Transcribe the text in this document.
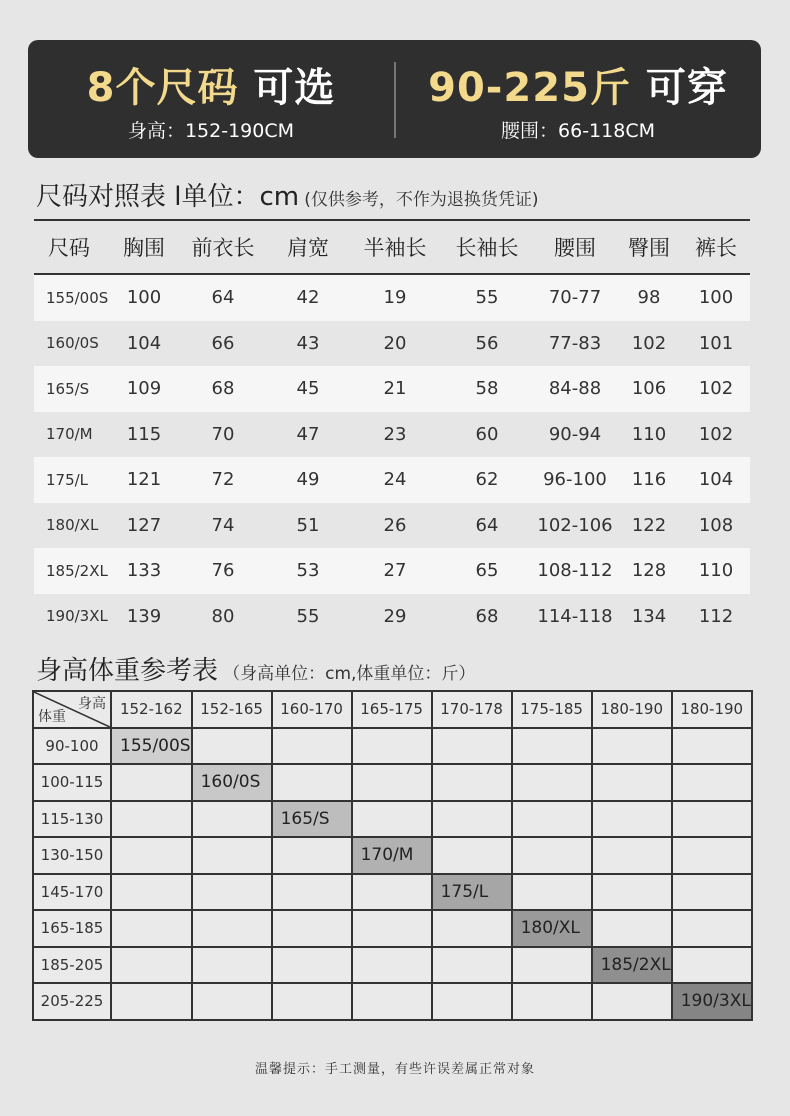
8个尺码 可选
身高：152-190CM
90-225斤 可穿
腰围：66-118CM
尺码对照表 l单位：cm (仅供参考，不作为退换货凭证)
尺码	胸围	前衣长	肩宽	半袖长	长袖长	腰围	臀围	裤长
155/00S	100	64	42	19	55	70-77	98	100
160/0S	104	66	43	20	56	77-83	102	101
165/S	109	68	45	21	58	84-88	106	102
170/M	115	70	47	23	60	90-94	110	102
175/L	121	72	49	24	62	96-100	116	104
180/XL	127	74	51	26	64	102-106	122	108
185/2XL	133	76	53	27	65	108-112	128	110
190/3XL	139	80	55	29	68	114-118	134	112
身高体重参考表 （身高单位：cm,体重单位：斤）
身高
体重	152-162	152-165	160-170	165-175	170-178	175-185	180-190	180-190
90-100	155/00S							
100-115		160/0S						
115-130			165/S					
130-150				170/M				
145-170					175/L			
165-185						180/XL		
185-205							185/2XL	
205-225								190/3XL
温馨提示：手工测量，有些许误差属正常对象
